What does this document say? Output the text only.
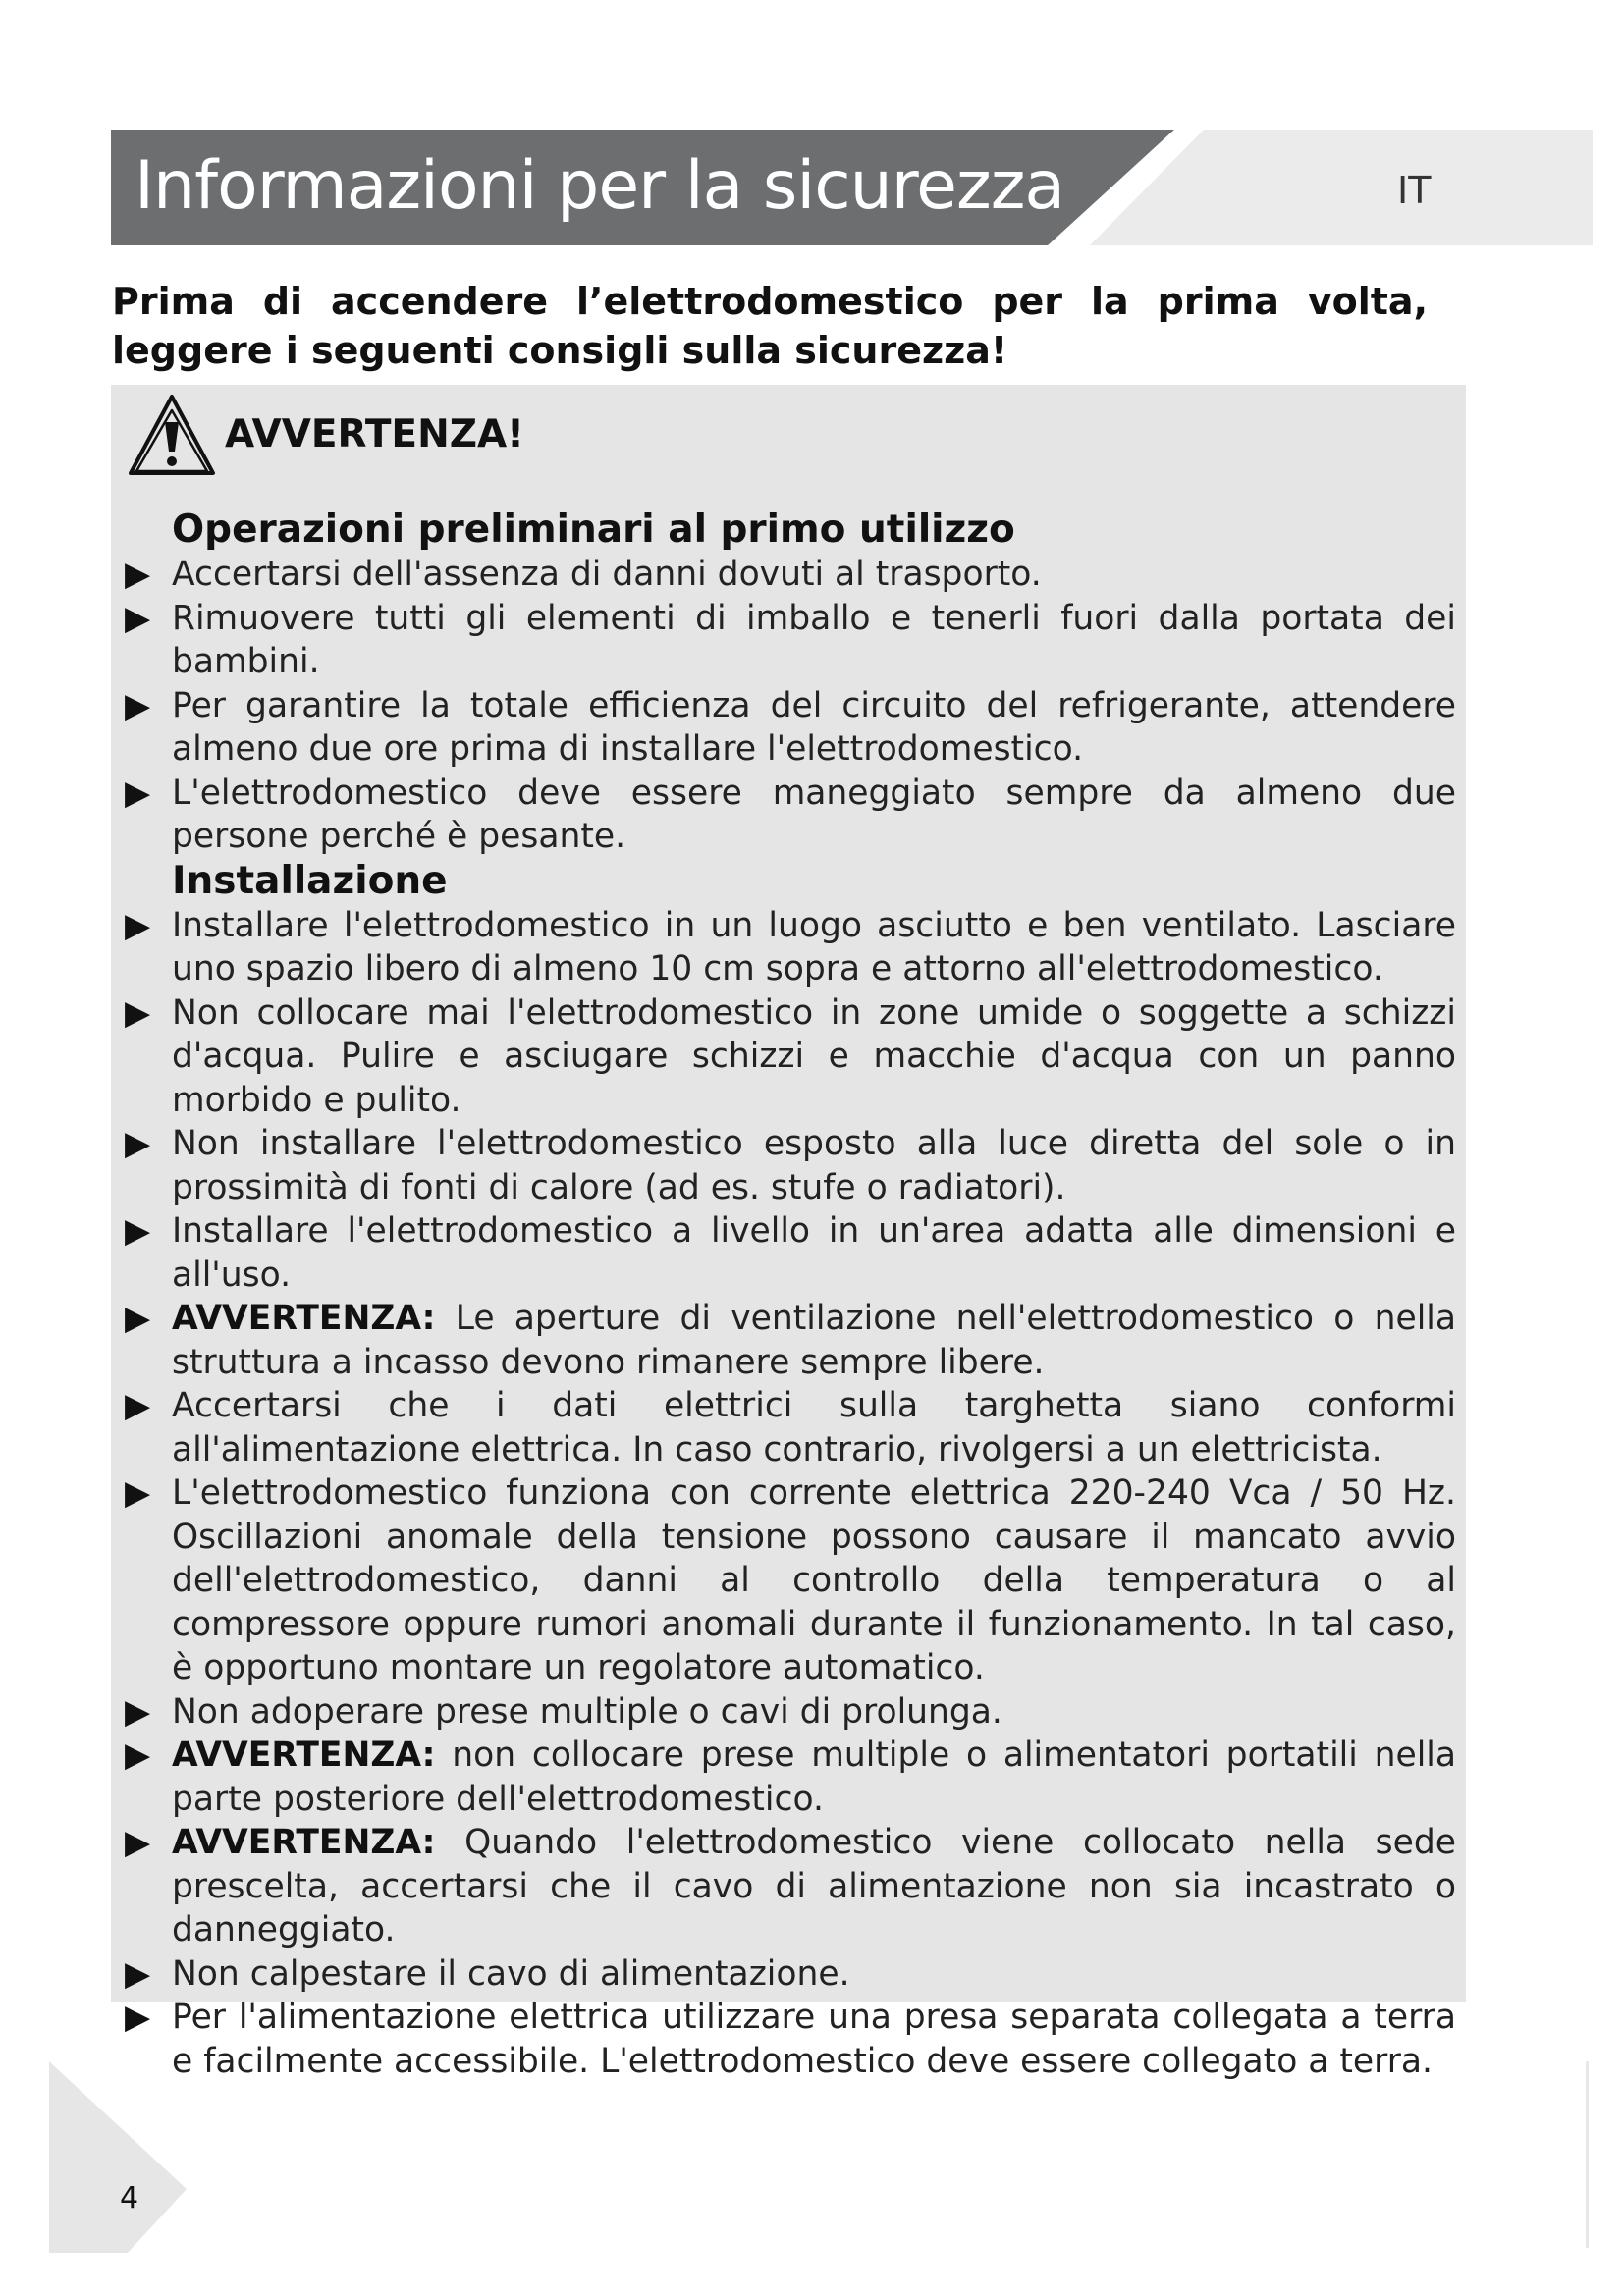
Informazioni per la sicurezza	IT
Prima di accendere l’elettrodomestico per la prima volta, leggere i seguenti consigli sulla sicurezza!
AVVERTENZA!
Operazioni preliminari al primo utilizzo

▶ Accertarsi dell'assenza di danni dovuti al trasporto.

▶ Rimuovere tutti gli elementi di imballo e tenerli fuori dalla portata dei bambini.

▶ Per garantire la totale efficienza del circuito del refrigerante, attendere almeno due ore prima di installare l'elettrodomestico.

▶ L'elettrodomestico deve essere maneggiato sempre da almeno due persone perché è pesante.

Installazione

▶ Installare l'elettrodomestico in un luogo asciutto e ben ventilato. Lasciare uno spazio libero di almeno 10 cm sopra e attorno all'elettrodomestico.

▶ Non collocare mai l'elettrodomestico in zone umide o soggette a schizzi d'acqua. Pulire e asciugare schizzi e macchie d'acqua con un panno morbido e pulito.

▶ Non installare l'elettrodomestico esposto alla luce diretta del sole o in prossimità di fonti di calore (ad es. stufe o radiatori).

▶ Installare l'elettrodomestico a livello in un'area adatta alle dimensioni e all'uso.

▶ AVVERTENZA: Le aperture di ventilazione nell'elettrodomestico o nella struttura a incasso devono rimanere sempre libere.

▶ Accertarsi che i dati elettrici sulla targhetta siano conformi all'alimentazione elettrica. In caso contrario, rivolgersi a un elettricista.

▶ L'elettrodomestico funziona con corrente elettrica 220-240 Vca / 50 Hz. Oscillazioni anomale della tensione possono causare il mancato avvio dell'elettrodomestico, danni al controllo della temperatura o al compressore oppure rumori anomali durante il funzionamento. In tal caso, è opportuno montare un regolatore automatico.

▶ Non adoperare prese multiple o cavi di prolunga.

▶ AVVERTENZA: non collocare prese multiple o alimentatori portatili nella parte posteriore dell'elettrodomestico.

▶ AVVERTENZA: Quando l'elettrodomestico viene collocato nella sede prescelta, accertarsi che il cavo di alimentazione non sia incastrato o danneggiato.

▶ Non calpestare il cavo di alimentazione.

▶ Per l'alimentazione elettrica utilizzare una presa separata collegata a terra e facilmente accessibile. L'elettrodomestico deve essere collegato a terra.

4
